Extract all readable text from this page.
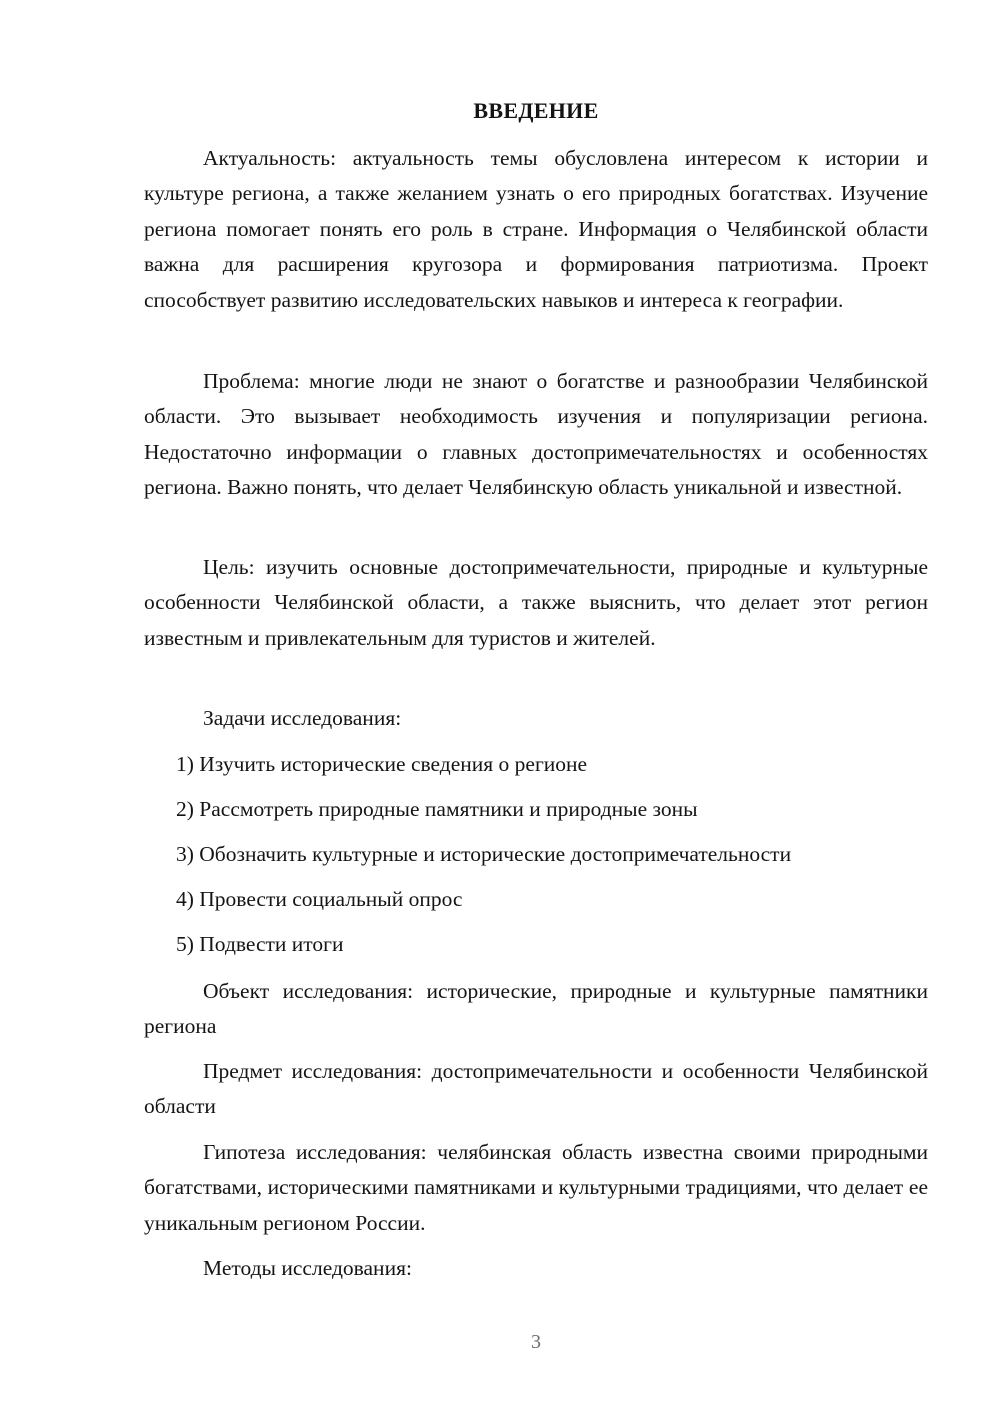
ВВЕДЕНИЕ

Актуальность: актуальность темы обусловлена интересом к истории и культуре региона, а также желанием узнать о его природных богатствах. Изучение региона помогает понять его роль в стране. Информация о Челябинской области важна для расширения кругозора и формирования патриотизма. Проект способствует развитию исследовательских навыков и интереса к географии.

Проблема: многие люди не знают о богатстве и разнообразии Челябинской области. Это вызывает необходимость изучения и популяризации региона. Недостаточно информации о главных достопримечательностях и особенностях региона. Важно понять, что делает Челябинскую область уникальной и известной.

Цель: изучить основные достопримечательности, природные и культурные особенности Челябинской области, а также выяснить, что делает этот регион известным и привлекательным для туристов и жителей.

Задачи исследования:

1) Изучить исторические сведения о регионе

2) Рассмотреть природные памятники и природные зоны

3) Обозначить культурные и исторические достопримечательности

4) Провести социальный опрос

5) Подвести итоги

Объект исследования: исторические, природные и культурные памятники региона

Предмет исследования: достопримечательности и особенности Челябинской области

Гипотеза исследования: челябинская область известна своими природными богатствами, историческими памятниками и культурными традициями, что делает ее уникальным регионом России.

Методы исследования:

3
